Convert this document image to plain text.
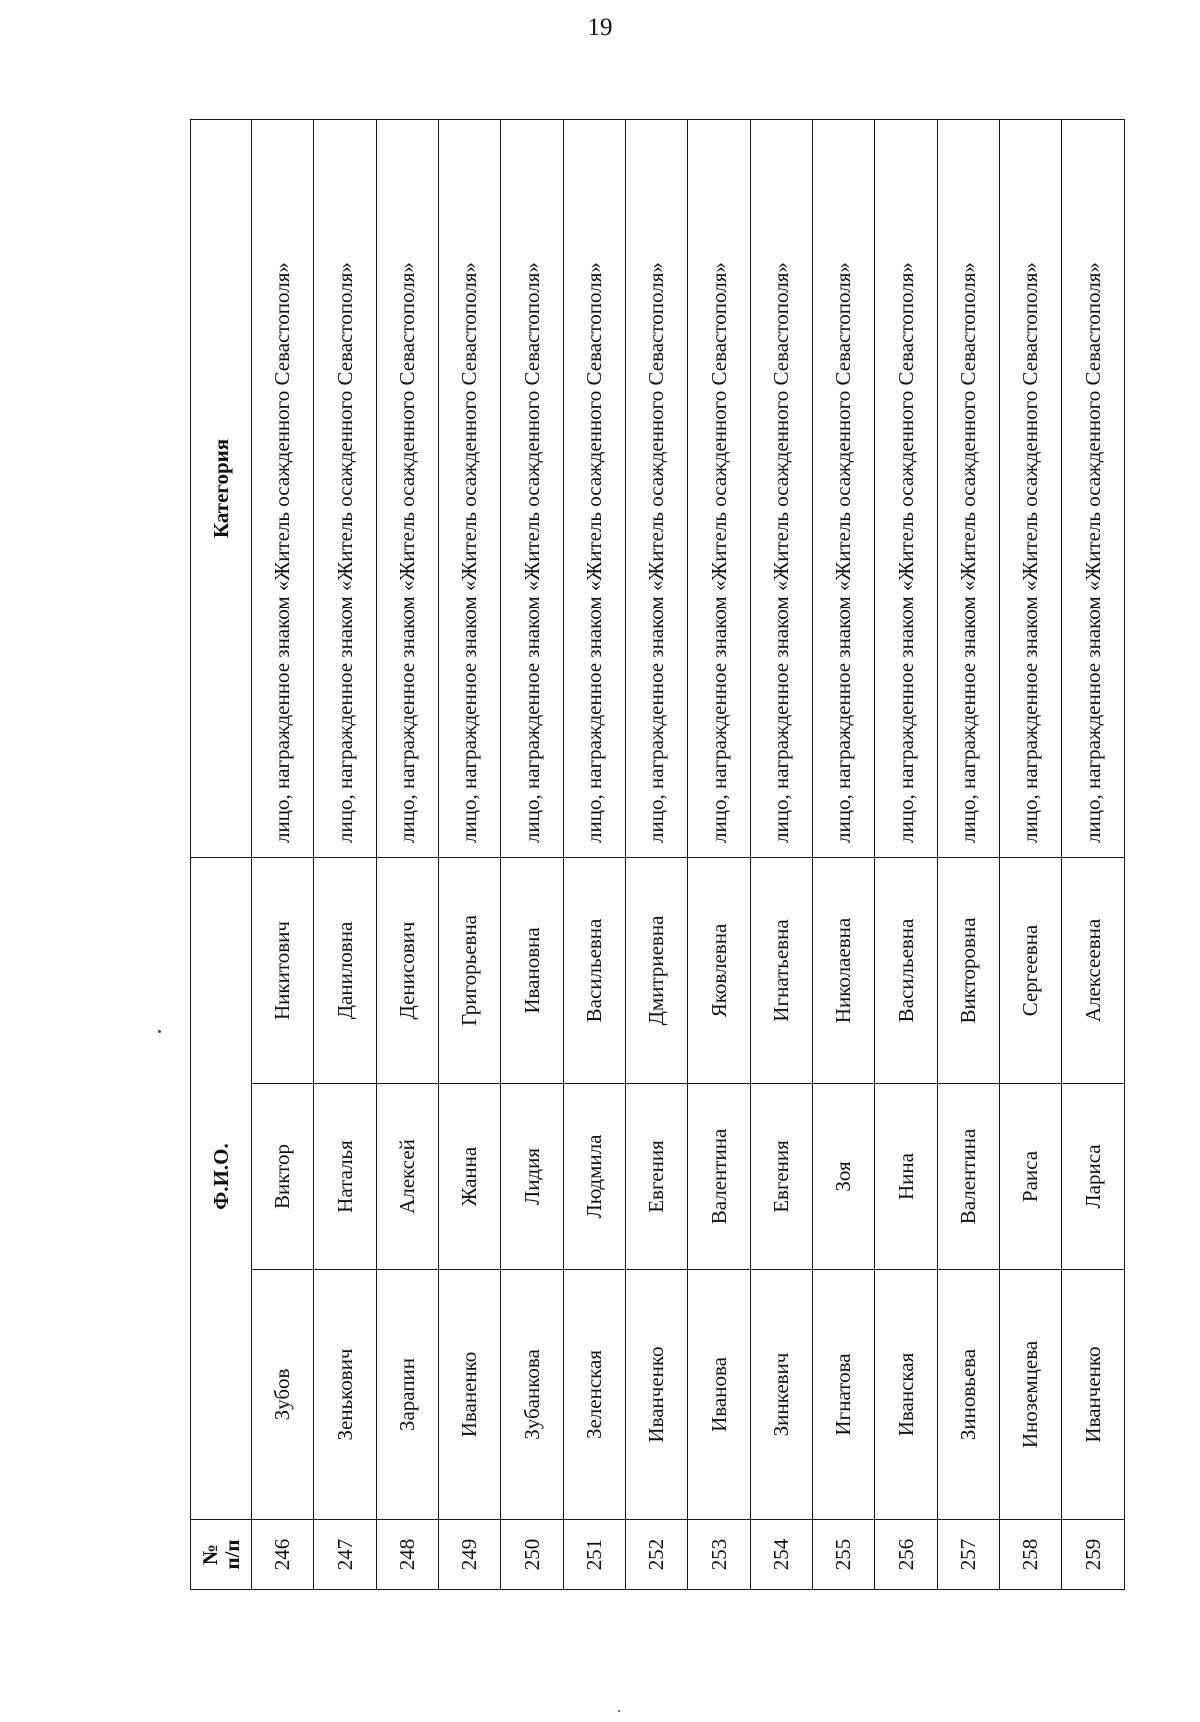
19
№
п/п		Ф.И.О.		Категория
246	Зубов	Виктор	Никитович	лицо, награжденное знаком «Житель осажденного Севастополя»
247	Зенькович	Наталья	Даниловна	лицо, награжденное знаком «Житель осажденного Севастополя»
248	Зарапин	Алексей	Денисович	лицо, награжденное знаком «Житель осажденного Севастополя»
249	Иваненко	Жанна	Григорьевна	лицо, награжденное знаком «Житель осажденного Севастополя»
250	Зубанкова	Лидия	Ивановна	лицо, награжденное знаком «Житель осажденного Севастополя»
251	Зеленская	Людмила	Васильевна	лицо, награжденное знаком «Житель осажденного Севастополя»
252	Иванченко	Евгения	Дмитриевна	лицо, награжденное знаком «Житель осажденного Севастополя»
253	Иванова	Валентина	Яковлевна	лицо, награжденное знаком «Житель осажденного Севастополя»
254	Зинкевич	Евгения	Игнатьевна	лицо, награжденное знаком «Житель осажденного Севастополя»
255	Игнатова	Зоя	Николаевна	лицо, награжденное знаком «Житель осажденного Севастополя»
256	Иванская	Нина	Васильевна	лицо, награжденное знаком «Житель осажденного Севастополя»
257	Зиновьева	Валентина	Викторовна	лицо, награжденное знаком «Житель осажденного Севастополя»
258	Иноземцева	Раиса	Сергеевна	лицо, награжденное знаком «Житель осажденного Севастополя»
259	Иванченко	Лариса	Алексеевна	лицо, награжденное знаком «Житель осажденного Севастополя»
